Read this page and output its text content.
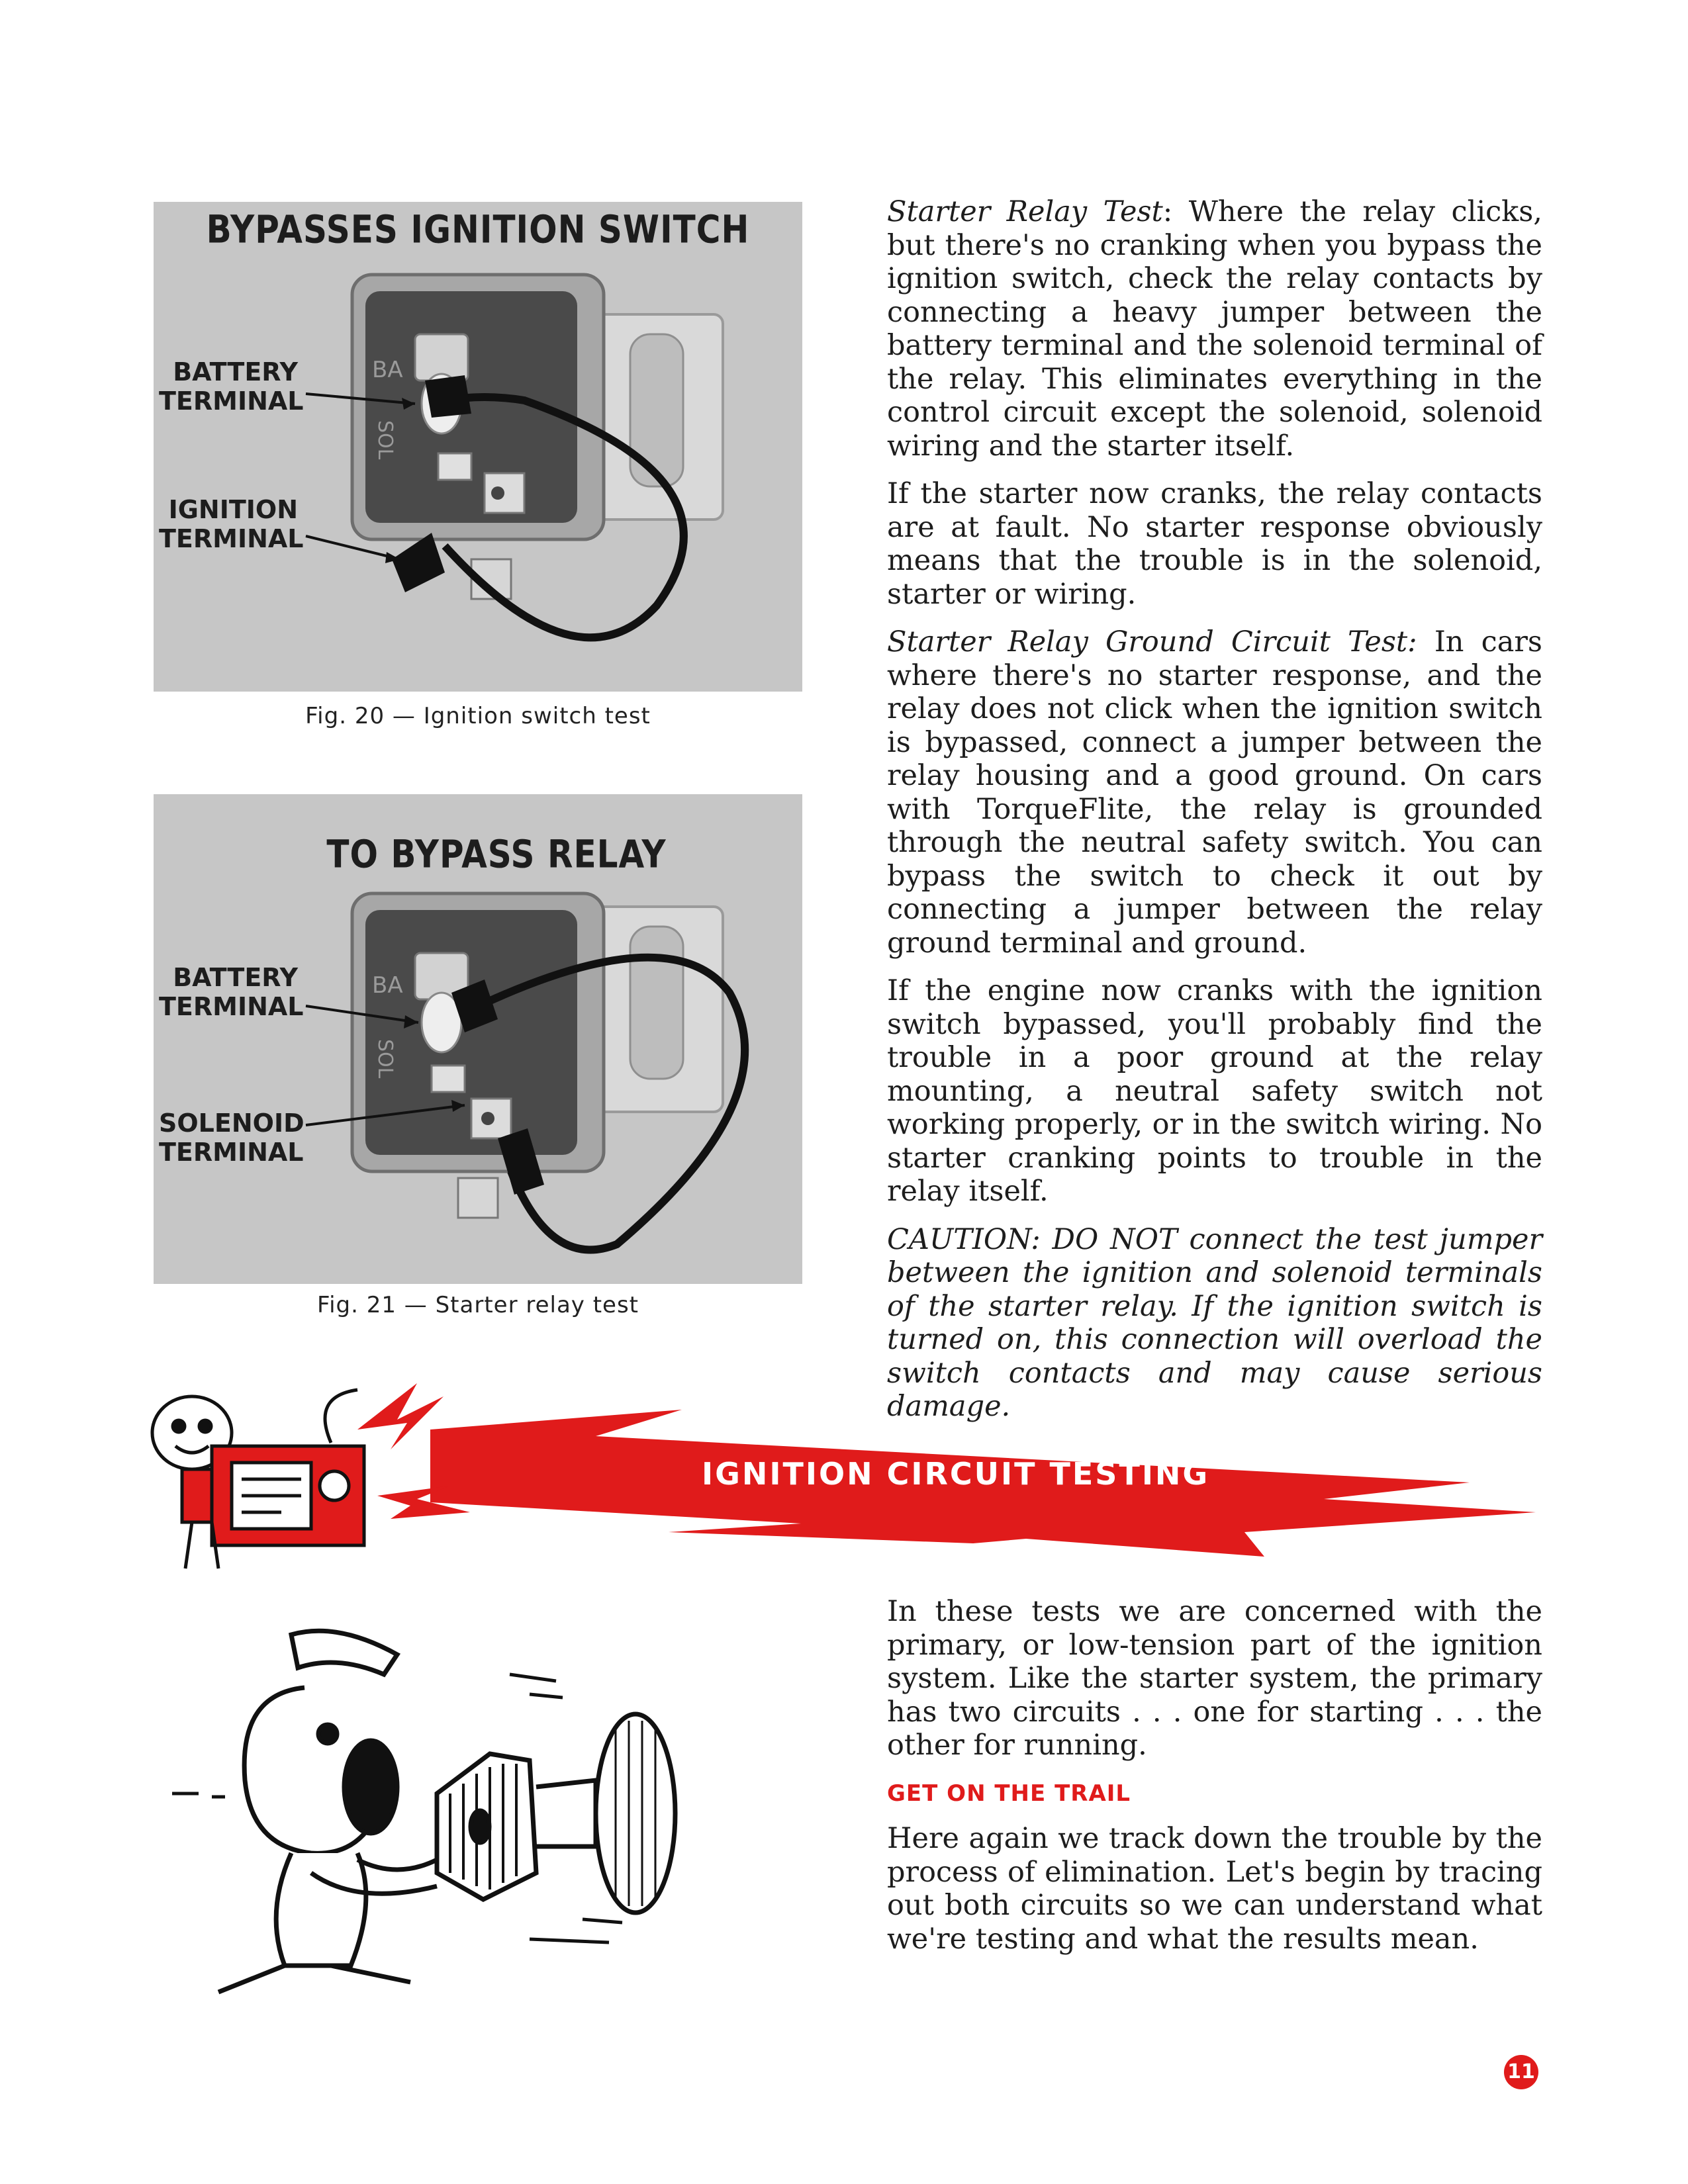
BA
SOL
BYPASSES IGNITION SWITCH
BATTERY
TERMINAL
IGNITION
TERMINAL
Fig. 20 — Ignition switch test
BA
SOL
TO BYPASS RELAY
BATTERY
TERMINAL
SOLENOID
TERMINAL
Fig. 21 — Starter relay test

Starter Relay Test: Where the relay clicks, but there's no cranking when you bypass the ignition switch, check the relay contacts by connecting a heavy jumper between the battery terminal and the solenoid terminal of the relay. This eliminates everything in the control circuit except the solenoid, solenoid wiring and the starter itself.

If the starter now cranks, the relay contacts are at fault. No starter response obviously means that the trouble is in the solenoid, starter or wiring.

Starter Relay Ground Circuit Test: In cars where there's no starter response, and the relay does not click when the ignition switch is bypassed, connect a jumper between the relay housing and a good ground. On cars with TorqueFlite, the relay is grounded through the neutral safety switch. You can bypass the switch to check it out by connecting a jumper between the relay ground terminal and ground.

If the engine now cranks with the ignition switch bypassed, you'll probably find the trouble in a poor ground at the relay mounting, a neutral safety switch not working properly, or in the switch wiring. No starter cranking points to trouble in the relay itself.

CAUTION: DO NOT connect the test jumper between the ignition and solenoid terminals of the starter relay. If the ignition switch is turned on, this connection will overload the switch contacts and may cause serious damage.

IGNITION CIRCUIT TESTING

In these tests we are concerned with the primary, or low-tension part of the ignition system. Like the starter system, the primary has two circuits . . . one for starting . . . the other for running.

GET ON THE TRAIL

Here again we track down the trouble by the process of elimination. Let's begin by tracing out both circuits so we can understand what we're testing and what the results mean.

11
